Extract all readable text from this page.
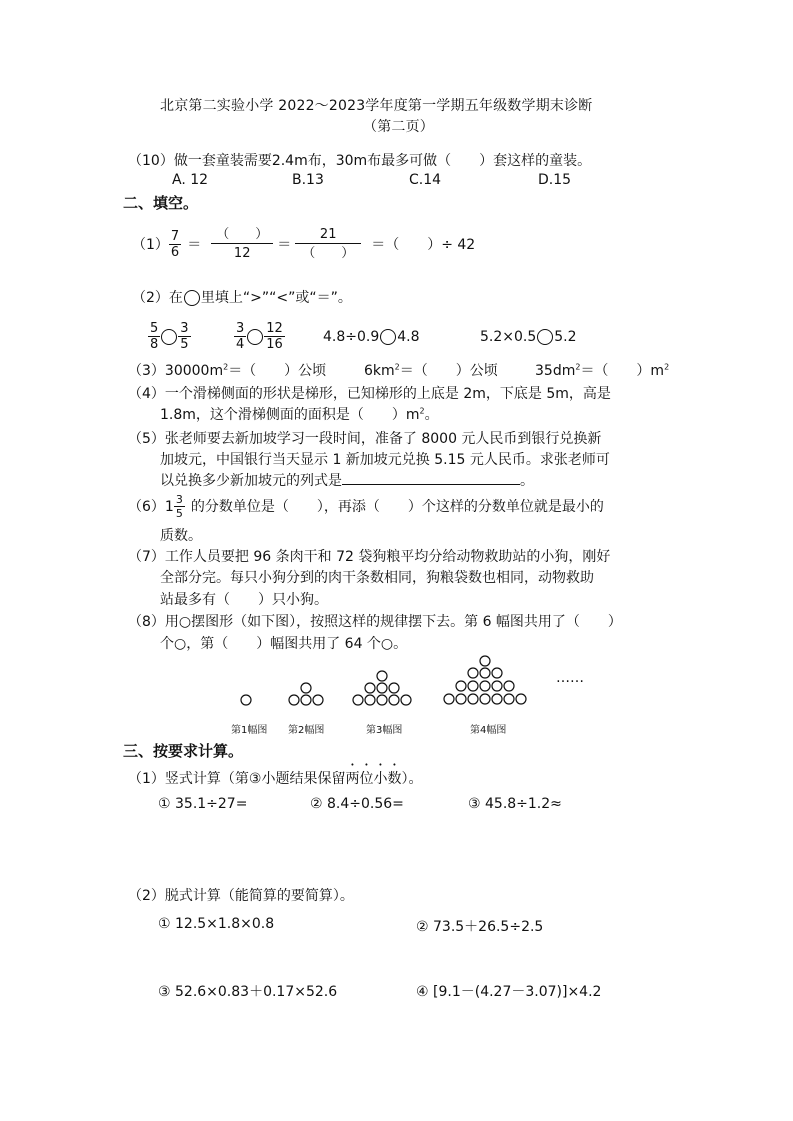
北京第二实验小学 2022～2023学年度第一学期五年级数学期末诊断
（第二页）
（10）做一套童装需要2.4m布，30m布最多可做（　　）套这样的童装。
A. 12	B.13	C.14	D.15
二、填空。
$(1) \frac{7}{6}$ ＝
（　　）
12
＝
21
（　　）
＝（　　）÷ 42
（2）在 里填上“>”“<”或“＝”。
$\frac{5}{8} \frac{3}{5}$	$\frac{3}{4} \frac{12}{16}$	4.8÷0.9 4.8	5.2×0.5 5.2
$(3)30000m^2=$（　　）公顷	$6km^2=$（　　）公顷	$35dm^2=$（　　）$m^2$
（4）一个滑梯侧面的形状是梯形，已知梯形的上底是 2m，下底是 5m，高是
1.8m，这个滑梯侧面的面积是（　　）$m^2$。
（5）张老师要去新加坡学习一段时间，准备了 8000 元人民币到银行兑换新
加坡元，中国银行当天显示 1 新加坡元兑换 5.15 元人民币。求张老师可
以兑换多少新加坡元的列式是	。
$(6)1 \frac{3}{5}$ 的分数单位是（　　），再添（　　）个这样的分数单位就是最小的
质数。
（7）工作人员要把 96 条肉干和 72 袋狗粮平均分给动物救助站的小狗，刚好
全部分完。每只小狗分到的肉干条数相同，狗粮袋数也相同，动物救助
站最多有（　　）只小狗。
（8）用○摆图形（如下图），按照这样的规律摆下去。第 6 幅图共用了（　　）
个○，第（　　）幅图共用了 64 个○。
……
第1幅图 第2幅图	第3幅图	第4幅图
三、按要求计算。
（1）竖式计算（第③小题结果保留两位小数）。
① 35.1÷27=	② 8.4÷0.56=	③ 45.8÷1.2≈
（2）脱式计算（能简算的要简算）。
① 12.5×1.8×0.8	② 73.5＋26.5÷2.5
③ 52.6×0.83＋0.17×52.6	④ [9.1－(4.27－3.07)]×4.2
